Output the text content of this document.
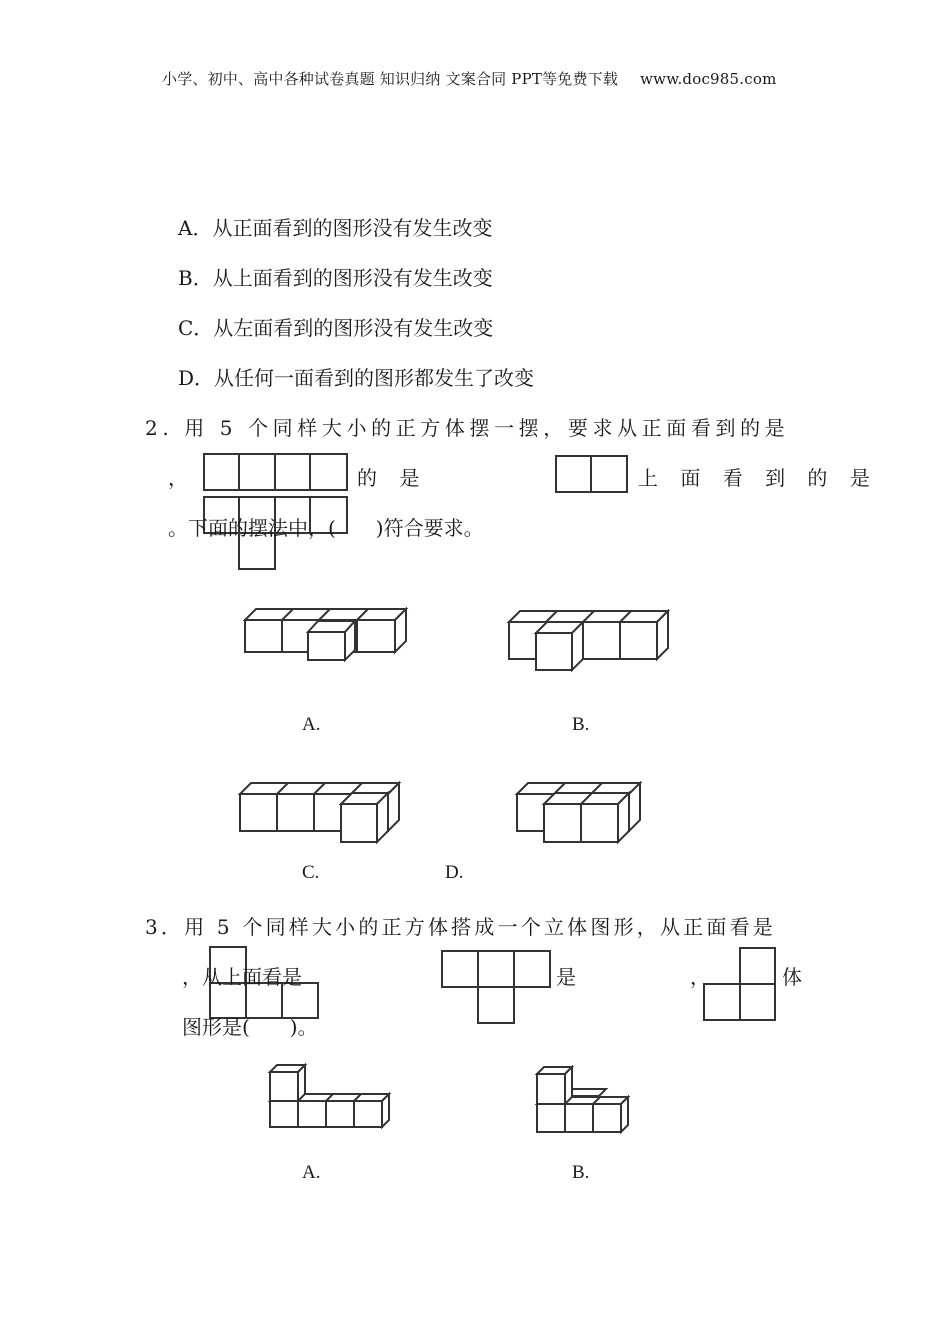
小学、初中、高中各种试卷真题 知识归纳 文案合同 PPT等免费下载 www.doc985.com
A．从正面看到的图形没有发生改变
B．从上面看到的图形没有发生改变
C．从左面看到的图形没有发生改变
D．从任何一面看到的图形都发生了改变
2. 用 5 个同样大小的正方体摆一摆，要求从正面看到的是
，	的 是	上 面 看 到 的 是
。下面的摆法中，(　　)符合要求。
A.	B.
C.	D.
3．用 5 个同样大小的正方体搭成一个立体图形，从正面看是
，从上面看是	是	，	体
图形是(　　)。
A.	B.
